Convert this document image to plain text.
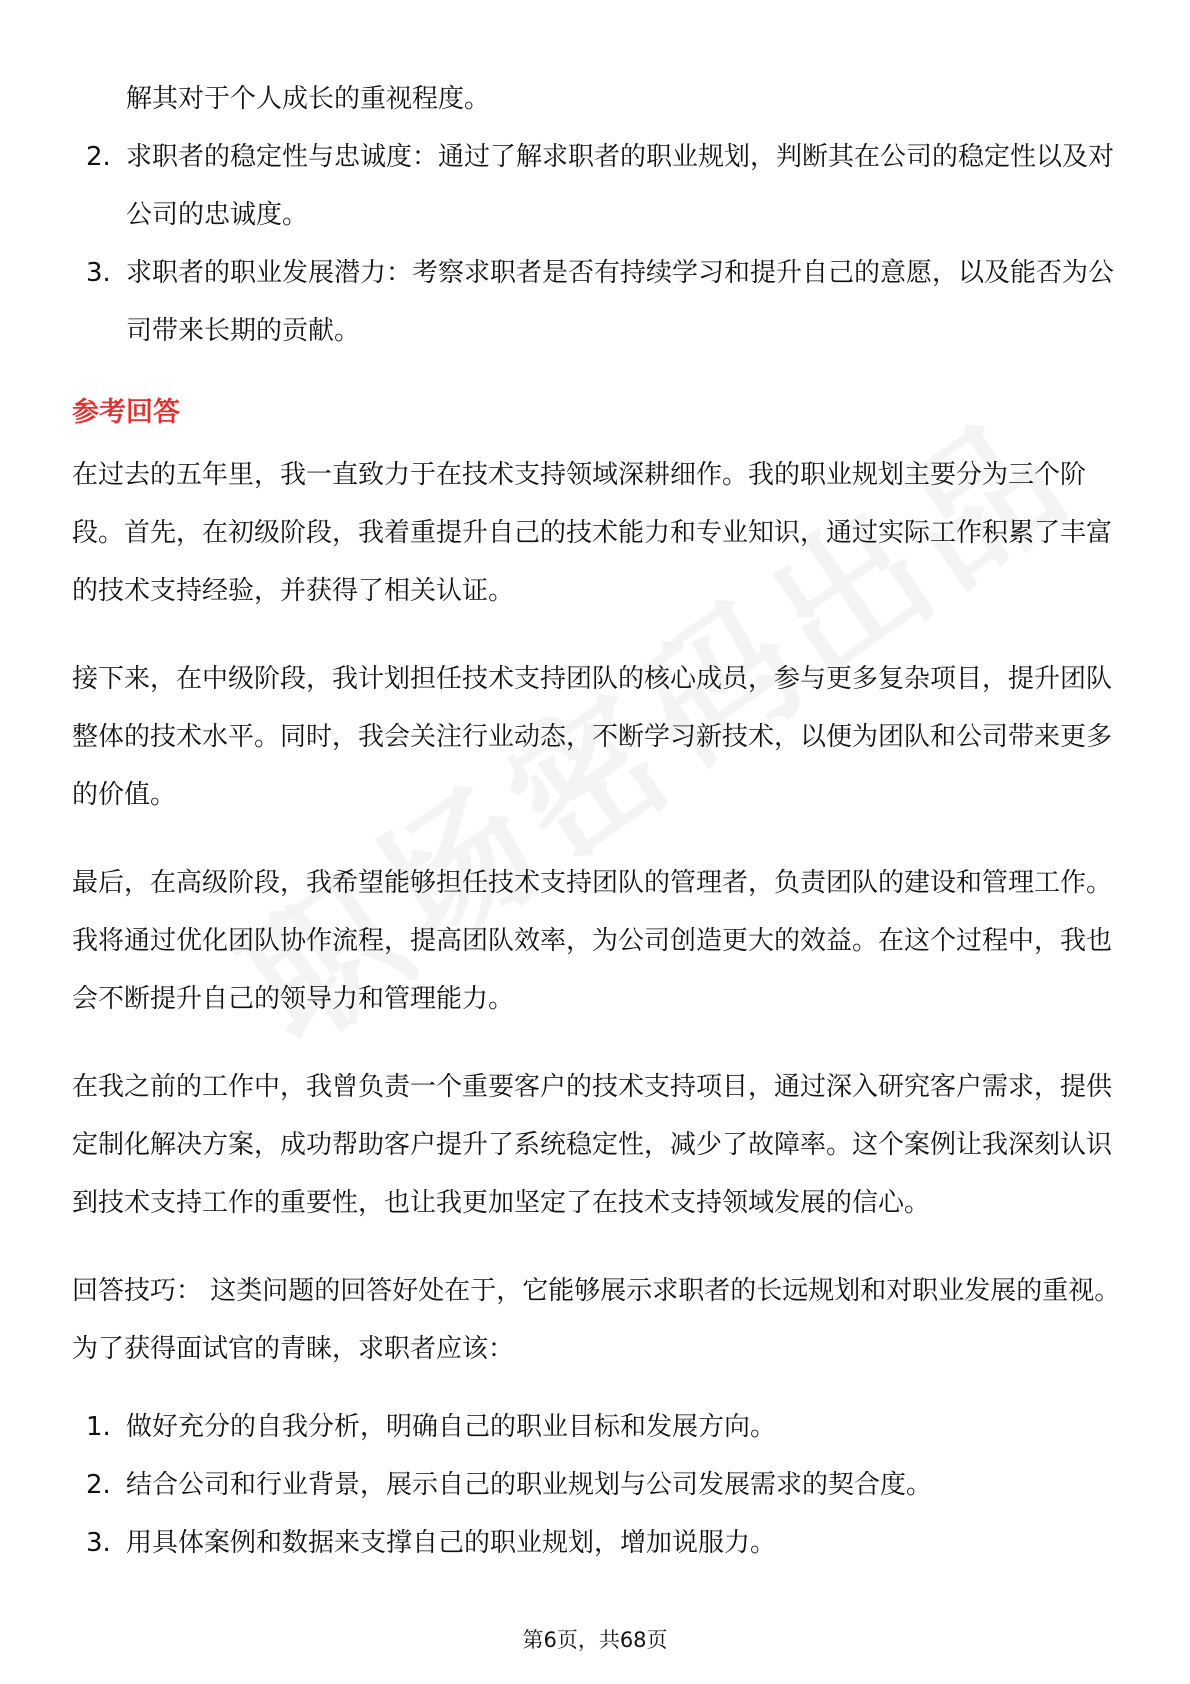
解其对于个人成长的重视程度。

2. 求职者的稳定性与忠诚度：通过了解求职者的职业规划，判断其在公司的稳定性以及对公司的忠诚度。
3. 求职者的职业发展潜力：考察求职者是否有持续学习和提升自己的意愿，以及能否为公司带来长期的贡献。
参考回答

在过去的五年里，我一直致力于在技术支持领域深耕细作。我的职业规划主要分为三个阶段。首先，在初级阶段，我着重提升自己的技术能力和专业知识，通过实际工作积累了丰富的技术支持经验，并获得了相关认证。

接下来，在中级阶段，我计划担任技术支持团队的核心成员，参与更多复杂项目，提升团队整体的技术水平。同时，我会关注行业动态，不断学习新技术，以便为团队和公司带来更多的价值。

最后，在高级阶段，我希望能够担任技术支持团队的管理者，负责团队的建设和管理工作。我将通过优化团队协作流程，提高团队效率，为公司创造更大的效益。在这个过程中，我也会不断提升自己的领导力和管理能力。

在我之前的工作中，我曾负责一个重要客户的技术支持项目，通过深入研究客户需求，提供定制化解决方案，成功帮助客户提升了系统稳定性，减少了故障率。这个案例让我深刻认识到技术支持工作的重要性，也让我更加坚定了在技术支持领域发展的信心。

回答技巧： 这类问题的回答好处在于，它能够展示求职者的长远规划和对职业发展的重视。为了获得面试官的青睐，求职者应该：

1. 做好充分的自我分析，明确自己的职业目标和发展方向。
2. 结合公司和行业背景，展示自己的职业规划与公司发展需求的契合度。
3. 用具体案例和数据来支撑自己的职业规划，增加说服力。
第6页，共68页
